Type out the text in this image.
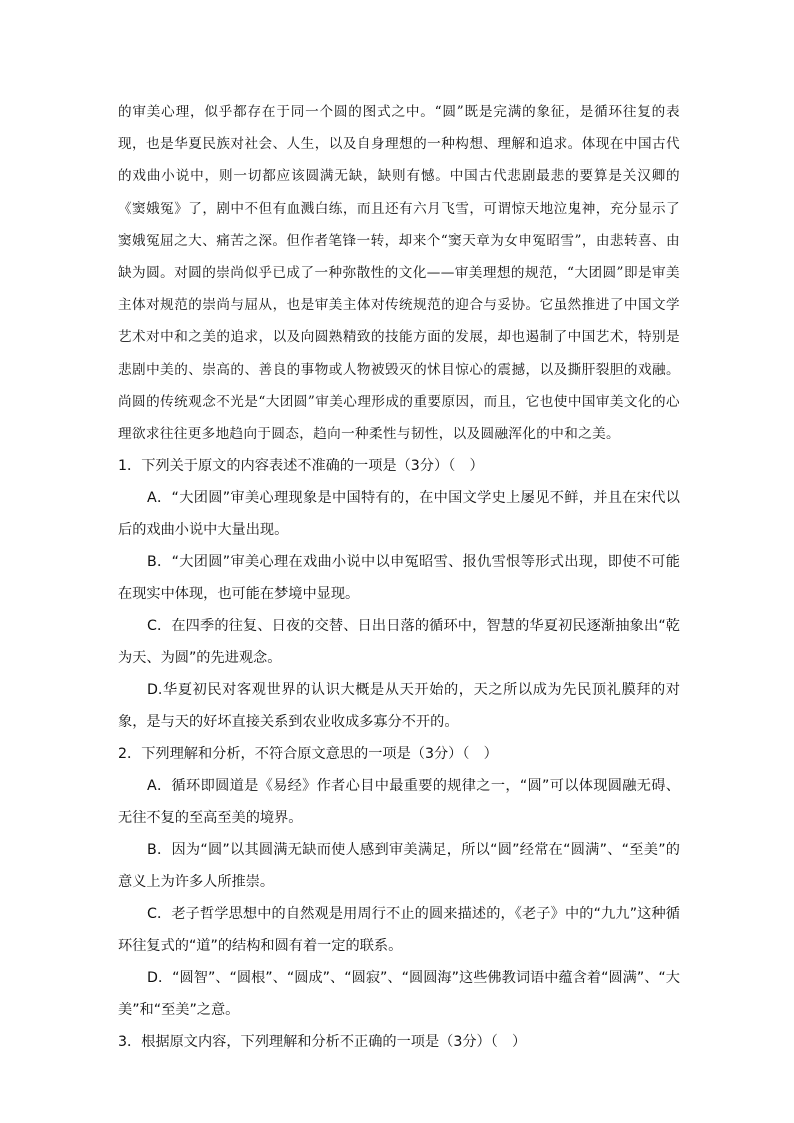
的审美心理，似乎都存在于同一个圆的图式之中。“圆”既是完满的象征，是循环往复的表现，也是华夏民族对社会、人生，以及自身理想的一种构想、理解和追求。体现在中国古代的戏曲小说中，则一切都应该圆满无缺，缺则有憾。中国古代悲剧最悲的要算是关汉卿的《窦娥冤》了，剧中不但有血溅白练，而且还有六月飞雪，可谓惊天地泣鬼神，充分显示了窦娥冤屈之大、痛苦之深。但作者笔锋一转，却来个“窦天章为女申冤昭雪”，由悲转喜、由缺为圆。对圆的崇尚似乎已成了一种弥散性的文化——审美理想的规范，“大团圆”即是审美主体对规范的崇尚与屈从，也是审美主体对传统规范的迎合与妥协。它虽然推进了中国文学艺术对中和之美的追求，以及向圆熟精致的技能方面的发展，却也遏制了中国艺术，特别是悲剧中美的、崇高的、善良的事物或人物被毁灭的怵目惊心的震撼，以及撕肝裂胆的戏融。尚圆的传统观念不光是“大团圆”审美心理形成的重要原因，而且，它也使中国审美文化的心理欲求往往更多地趋向于圆态，趋向一种柔性与韧性，以及圆融浑化的中和之美。

1．下列关于原文的内容表述不准确的一项是（3分）（　）

A．“大团圆”审美心理现象是中国特有的，在中国文学史上屡见不鲜，并且在宋代以后的戏曲小说中大量出现。

B．“大团圆”审美心理在戏曲小说中以申冤昭雪、报仇雪恨等形式出现，即使不可能在现实中体现，也可能在梦境中显现。

C．在四季的往复、日夜的交替、日出日落的循环中，智慧的华夏初民逐渐抽象出“乾为天、为圆”的先进观念。

D.华夏初民对客观世界的认识大概是从天开始的，天之所以成为先民顶礼膜拜的对象，是与天的好坏直接关系到农业收成多寡分不开的。

2．下列理解和分析，不符合原文意思的一项是（3分）（　）

A．循环即圆道是《易经》作者心目中最重要的规律之一，“圆”可以体现圆融无碍、无往不复的至高至美的境界。

B．因为“圆”以其圆满无缺而使人感到审美满足，所以“圆”经常在“圆满”、“至美”的意义上为许多人所推崇。

C．老子哲学思想中的自然观是用周行不止的圆来描述的，《老子》中的“九九”这种循环往复式的“道”的结构和圆有着一定的联系。

D．“圆智”、“圆根”、“圆成”、“圆寂”、“圆圆海”这些佛教词语中蕴含着“圆满”、“大美”和“至美”之意。

3．根据原文内容，下列理解和分析不正确的一项是（3分）（　）
